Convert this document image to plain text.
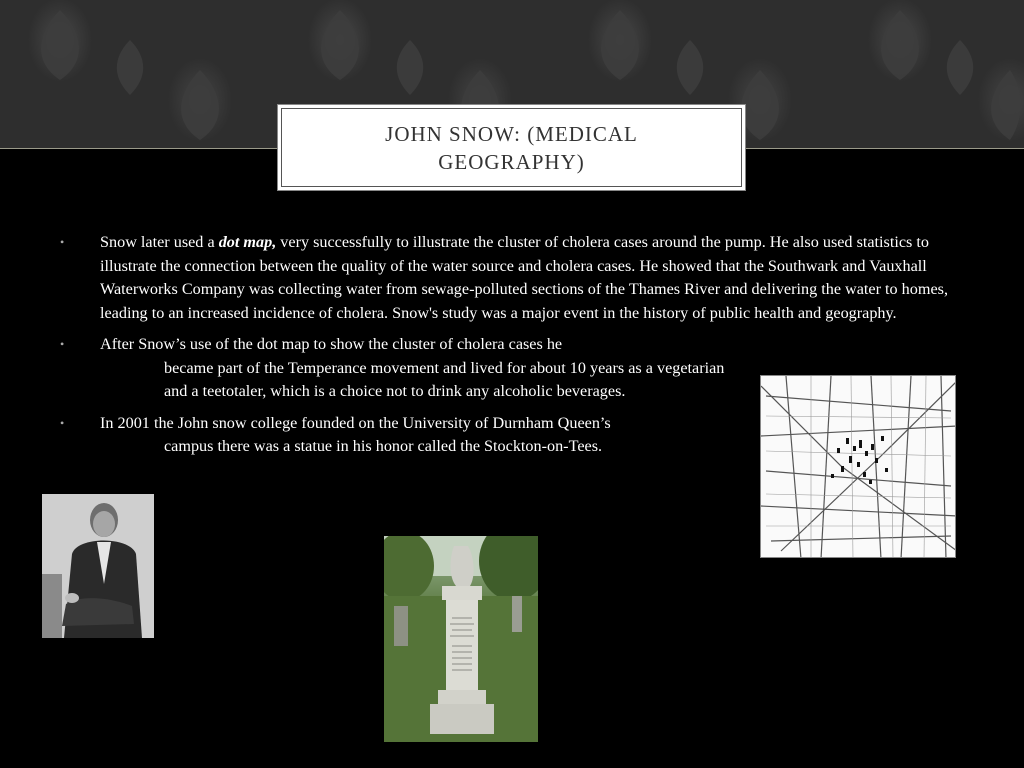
JOHN SNOW: (MEDICAL GEOGRAPHY)
• Snow later used a dot map, very successfully to illustrate the cluster of cholera cases around the pump. He also used statistics to illustrate the connection between the quality of the water source and cholera cases. He showed that the Southwark and Vauxhall Waterworks Company was collecting water from sewage-polluted sections of the Thames River and delivering the water to homes, leading to an increased incidence of cholera. Snow's study was a major event in the history of public health and geography.
• After Snow’s use of the dot map to show the cluster of cholera cases he
became part of the Temperance movement and lived for about 10 years as a vegetarian and a teetotaler, which is a choice not to drink any alcoholic beverages.
• In 2001 the John snow college founded on the University of Durnham Queen’s
campus there was a statue in his honor called the Stockton-on-Tees.
